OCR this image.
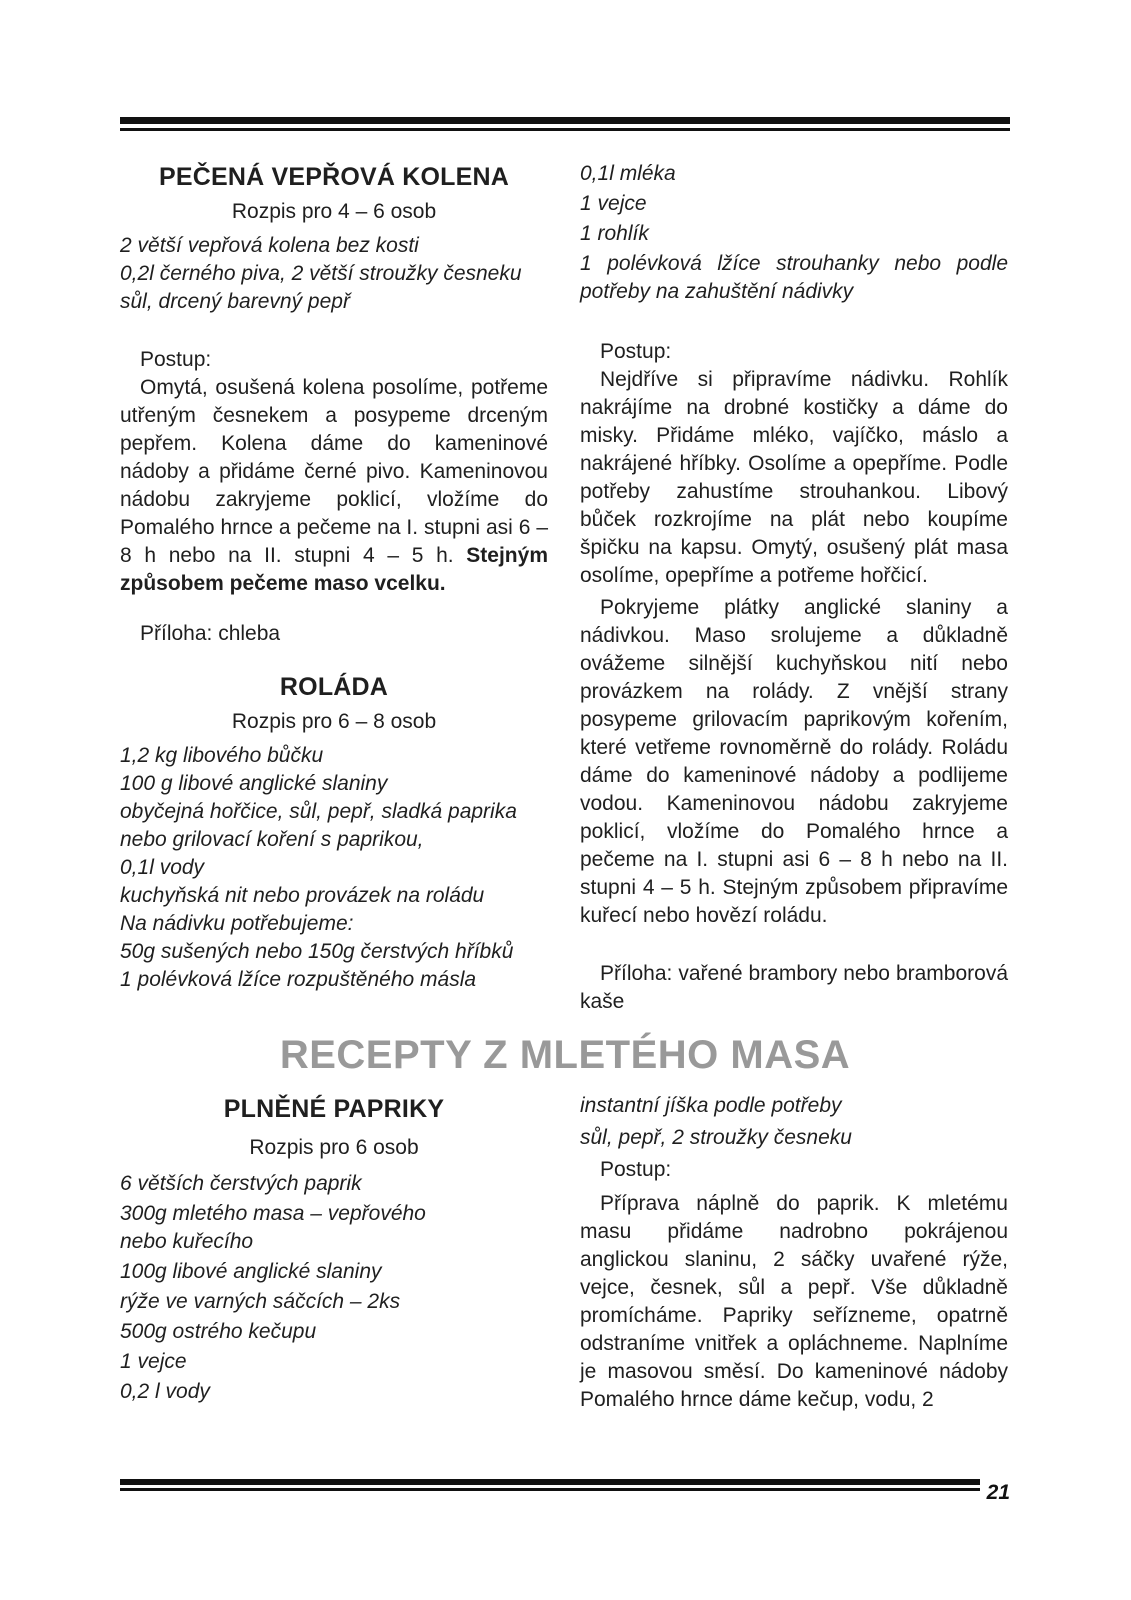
PEČENÁ VEPŘOVÁ KOLENA
Rozpis pro 4 – 6 osob
2 větší vepřová kolena bez kosti
0,2l černého piva, 2 větší stroužky česneku
sůl, drcený barevný pepř
Postup:

Omytá, osušená kolena posolíme, potřeme utřeným česnekem a posypeme drceným pepřem. Kolena dáme do kameninové nádoby a přidáme černé pivo. Kameninovou nádobu zakryjeme poklicí, vložíme do Pomalého hrnce a pečeme na I. stupni asi 6 – 8 h nebo na II. stupni 4 – 5 h. Stejným způsobem pečeme maso vcelku.

Příloha: chleba
ROLÁDA
Rozpis pro 6 – 8 osob
1,2 kg libového bůčku
100 g libové anglické slaniny
obyčejná hořčice, sůl, pepř, sladká paprika
nebo grilovací koření s paprikou,
0,1l vody
kuchyňská nit nebo provázek na roládu
Na nádivku potřebujeme:
50g sušených nebo 150g čerstvých hříbků
1 polévková lžíce rozpuštěného másla
0,1l mléka
1 vejce
1 rohlík
1 polévková lžíce strouhanky nebo podle potřeby na zahuštění nádivky
Postup:

Nejdříve si připravíme nádivku. Rohlík nakrájíme na drobné kostičky a dáme do misky. Přidáme mléko, vajíčko, máslo a nakrájené hříbky. Osolíme a opepříme. Podle potřeby zahustíme strouhankou. Libový bůček rozkrojíme na plát nebo koupíme špičku na kapsu. Omytý, osušený plát masa osolíme, opepříme a potřeme hořčicí.

Pokryjeme plátky anglické slaniny a nádivkou. Maso srolujeme a důkladně ovážeme silnější kuchyňskou nití nebo provázkem na rolády. Z vnější strany posypeme grilovacím paprikovým kořením, které vetřeme rovnoměrně do rolády. Roládu dáme do kameninové nádoby a podlijeme vodou. Kameninovou nádobu zakryjeme poklicí, vložíme do Pomalého hrnce a pečeme na I. stupni asi 6 – 8 h nebo na II. stupni 4 – 5 h. Stejným způsobem připravíme kuřecí nebo hovězí roládu.

Příloha: vařené brambory nebo bramborová kaše

RECEPTY Z MLETÉHO MASA
PLNĚNÉ PAPRIKY
Rozpis pro 6 osob
6 větších čerstvých paprik
300g mletého masa – vepřového nebo kuřecího
100g libové anglické slaniny
rýže ve varných sáčcích – 2ks
500g ostrého kečupu
1 vejce
0,2 l vody
instantní jíška podle potřeby
sůl, pepř, 2 stroužky česneku
Postup:

Příprava náplně do paprik. K mletému masu přidáme nadrobno pokrájenou anglickou slaninu, 2 sáčky uvařené rýže, vejce, česnek, sůl a pepř. Vše důkladně promícháme. Papriky seřízneme, opatrně odstraníme vnitřek a opláchneme. Naplníme je masovou směsí. Do kameninové nádoby Pomalého hrnce dáme kečup, vodu, 2

21
